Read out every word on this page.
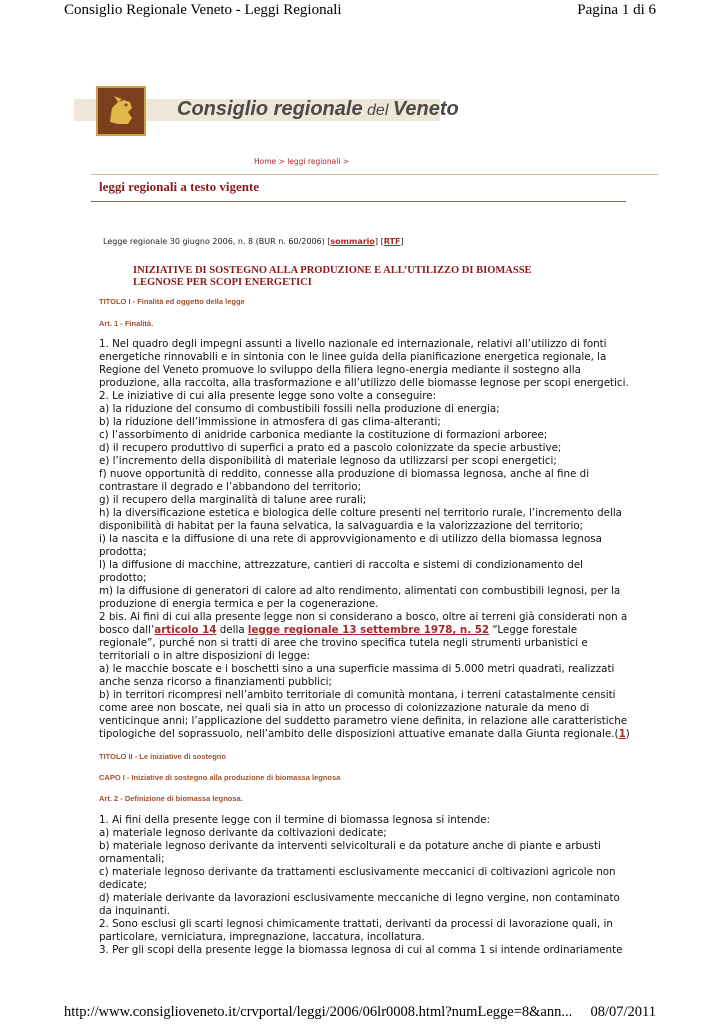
Consiglio Regionale Veneto - Leggi Regionali	Pagina 1 di 6
Consiglio regionale del Veneto
Home > leggi regionali >
leggi regionali a testo vigente
Legge regionale 30 giugno 2006, n. 8 (BUR n. 60/2006) [sommario] [RTF]
INIZIATIVE DI SOSTEGNO ALLA PRODUZIONE E ALL’UTILIZZO DI BIOMASSE
LEGNOSE PER SCOPI ENERGETICI
TITOLO I - Finalità ed oggetto della legge
Art. 1 - Finalità.
1. Nel quadro degli impegni assunti a livello nazionale ed internazionale, relativi all’utilizzo di fonti
energetiche rinnovabili e in sintonia con le linee guida della pianificazione energetica regionale, la
Regione del Veneto promuove lo sviluppo della filiera legno-energia mediante il sostegno alla
produzione, alla raccolta, alla trasformazione e all’utilizzo delle biomasse legnose per scopi energetici.
2. Le iniziative di cui alla presente legge sono volte a conseguire:
a) la riduzione del consumo di combustibili fossili nella produzione di energia;
b) la riduzione dell’immissione in atmosfera di gas clima-alteranti;
c) l’assorbimento di anidride carbonica mediante la costituzione di formazioni arboree;
d) il recupero produttivo di superfici a prato ed a pascolo colonizzate da specie arbustive;
e) l’incremento della disponibilità di materiale legnoso da utilizzarsi per scopi energetici;
f) nuove opportunità di reddito, connesse alla produzione di biomassa legnosa, anche al fine di
contrastare il degrado e l’abbandono del territorio;
g) il recupero della marginalità di talune aree rurali;
h) la diversificazione estetica e biologica delle colture presenti nel territorio rurale, l’incremento della
disponibilità di habitat per la fauna selvatica, la salvaguardia e la valorizzazione del territorio;
i) la nascita e la diffusione di una rete di approvvigionamento e di utilizzo della biomassa legnosa
prodotta;
l) la diffusione di macchine, attrezzature, cantieri di raccolta e sistemi di condizionamento del
prodotto;
m) la diffusione di generatori di calore ad alto rendimento, alimentati con combustibili legnosi, per la
produzione di energia termica e per la cogenerazione.
2 bis. Ai fini di cui alla presente legge non si considerano a bosco, oltre ai terreni già considerati non a
bosco dall’articolo 14 della legge regionale 13 settembre 1978, n. 52 “Legge forestale
regionale”, purché non si tratti di aree che trovino specifica tutela negli strumenti urbanistici e
territoriali o in altre disposizioni di legge:
a) le macchie boscate e i boschetti sino a una superficie massima di 5.000 metri quadrati, realizzati
anche senza ricorso a finanziamenti pubblici;
b) in territori ricompresi nell’ambito territoriale di comunità montana, i terreni catastalmente censiti
come aree non boscate, nei quali sia in atto un processo di colonizzazione naturale da meno di
venticinque anni; l’applicazione del suddetto parametro viene definita, in relazione alle caratteristiche
tipologiche del soprassuolo, nell’ambito delle disposizioni attuative emanate dalla Giunta regionale.(1)
TITOLO II - Le iniziative di sostegno
CAPO I - Iniziative di sostegno alla produzione di biomassa legnosa
Art. 2 - Definizione di biomassa legnosa.
1. Ai fini della presente legge con il termine di biomassa legnosa si intende:
a) materiale legnoso derivante da coltivazioni dedicate;
b) materiale legnoso derivante da interventi selvicolturali e da potature anche di piante e arbusti
ornamentali;
c) materiale legnoso derivante da trattamenti esclusivamente meccanici di coltivazioni agricole non
dedicate;
d) materiale derivante da lavorazioni esclusivamente meccaniche di legno vergine, non contaminato
da inquinanti.
2. Sono esclusi gli scarti legnosi chimicamente trattati, derivanti da processi di lavorazione quali, in
particolare, verniciatura, impregnazione, laccatura, incollatura.
3. Per gli scopi della presente legge la biomassa legnosa di cui al comma 1 si intende ordinariamente
http://www.consiglioveneto.it/crvportal/leggi/2006/06lr0008.html?numLegge=8&ann... 08/07/2011
